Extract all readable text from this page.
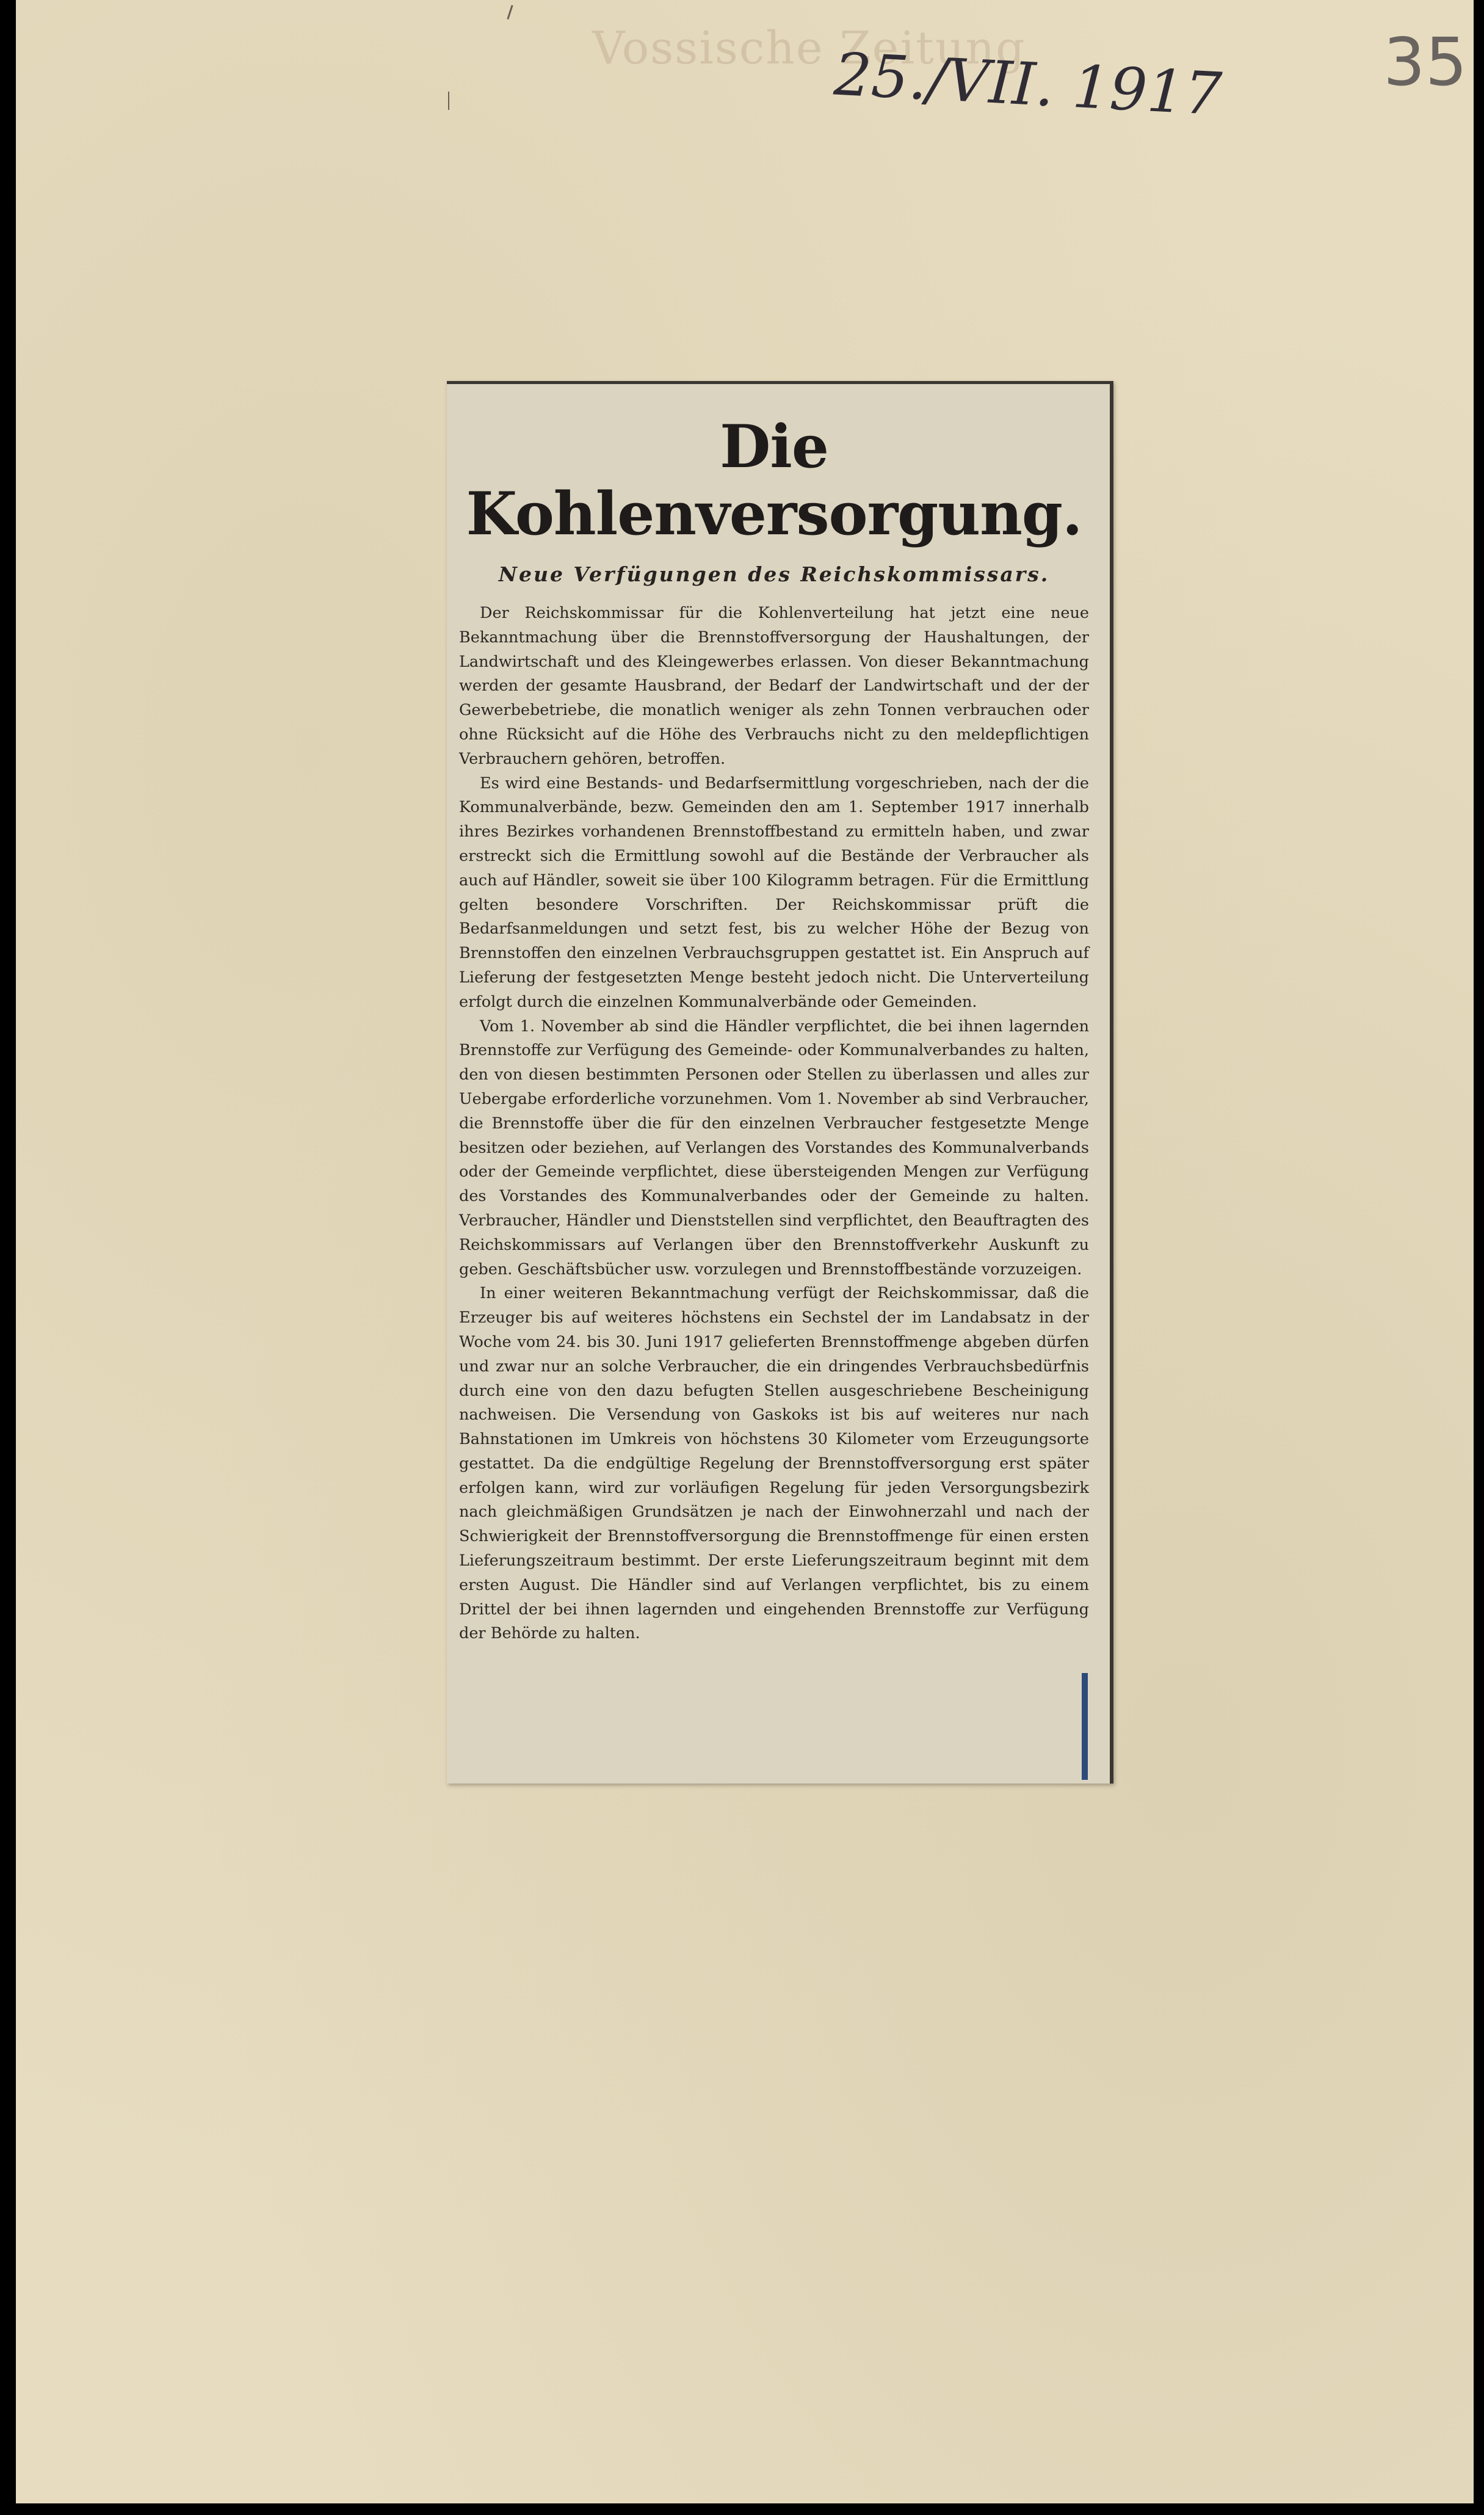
Vossische Zeitung
25./VII. 1917 35
Die Kohlenversorgung.
Neue Verfügungen des Reichskommissars.

Der Reichskommissar für die Kohlenverteilung hat jetzt eine neue Bekanntmachung über die Brennstoffversorgung der Haushaltungen, der Landwirtschaft und des Kleingewerbes erlassen. Von dieser Bekanntmachung werden der gesamte Hausbrand, der Bedarf der Landwirtschaft und der der Gewerbebetriebe, die monatlich weniger als zehn Tonnen verbrauchen oder ohne Rücksicht auf die Höhe des Verbrauchs nicht zu den meldepflichtigen Verbrauchern gehören, betroffen.

Es wird eine Bestands- und Bedarfsermittlung vorgeschrieben, nach der die Kommunalverbände, bezw. Gemeinden den am 1. September 1917 innerhalb ihres Bezirkes vorhandenen Brennstoffbestand zu ermitteln haben, und zwar erstreckt sich die Ermittlung sowohl auf die Bestände der Verbraucher als auch auf Händler, soweit sie über 100 Kilogramm betragen. Für die Ermittlung gelten besondere Vorschriften. Der Reichskommissar prüft die Bedarfsanmeldungen und setzt fest, bis zu welcher Höhe der Bezug von Brennstoffen den einzelnen Verbrauchsgruppen gestattet ist. Ein Anspruch auf Lieferung der festgesetzten Menge besteht jedoch nicht. Die Unterverteilung erfolgt durch die einzelnen Kommunalverbände oder Gemeinden.

Vom 1. November ab sind die Händler verpflichtet, die bei ihnen lagernden Brennstoffe zur Verfügung des Gemeinde- oder Kommunalverbandes zu halten, den von diesen bestimmten Personen oder Stellen zu überlassen und alles zur Uebergabe erforderliche vorzunehmen. Vom 1. November ab sind Verbraucher, die Brennstoffe über die für den einzelnen Verbraucher festgesetzte Menge besitzen oder beziehen, auf Verlangen des Vorstandes des Kommunalverbands oder der Gemeinde verpflichtet, diese übersteigenden Mengen zur Verfügung des Vorstandes des Kommunalverbandes oder der Gemeinde zu halten. Verbraucher, Händler und Dienststellen sind verpflichtet, den Beauftragten des Reichskommissars auf Verlangen über den Brennstoffverkehr Auskunft zu geben. Geschäftsbücher usw. vorzulegen und Brennstoffbestände vorzuzeigen.

In einer weiteren Bekanntmachung verfügt der Reichskommissar, daß die Erzeuger bis auf weiteres höchstens ein Sechstel der im Landabsatz in der Woche vom 24. bis 30. Juni 1917 gelieferten Brennstoffmenge abgeben dürfen und zwar nur an solche Verbraucher, die ein dringendes Verbrauchsbedürfnis durch eine von den dazu befugten Stellen ausgeschriebene Bescheinigung nachweisen. Die Versendung von Gaskoks ist bis auf weiteres nur nach Bahnstationen im Umkreis von höchstens 30 Kilometer vom Erzeugungsorte gestattet. Da die endgültige Regelung der Brennstoffversorgung erst später erfolgen kann, wird zur vorläufigen Regelung für jeden Versorgungsbezirk nach gleichmäßigen Grundsätzen je nach der Einwohnerzahl und nach der Schwierigkeit der Brennstoffversorgung die Brennstoffmenge für einen ersten Lieferungszeitraum bestimmt. Der erste Lieferungszeitraum beginnt mit dem ersten August. Die Händler sind auf Verlangen verpflichtet, bis zu einem Drittel der bei ihnen lagernden und eingehenden Brennstoffe zur Verfügung der Behörde zu halten.
